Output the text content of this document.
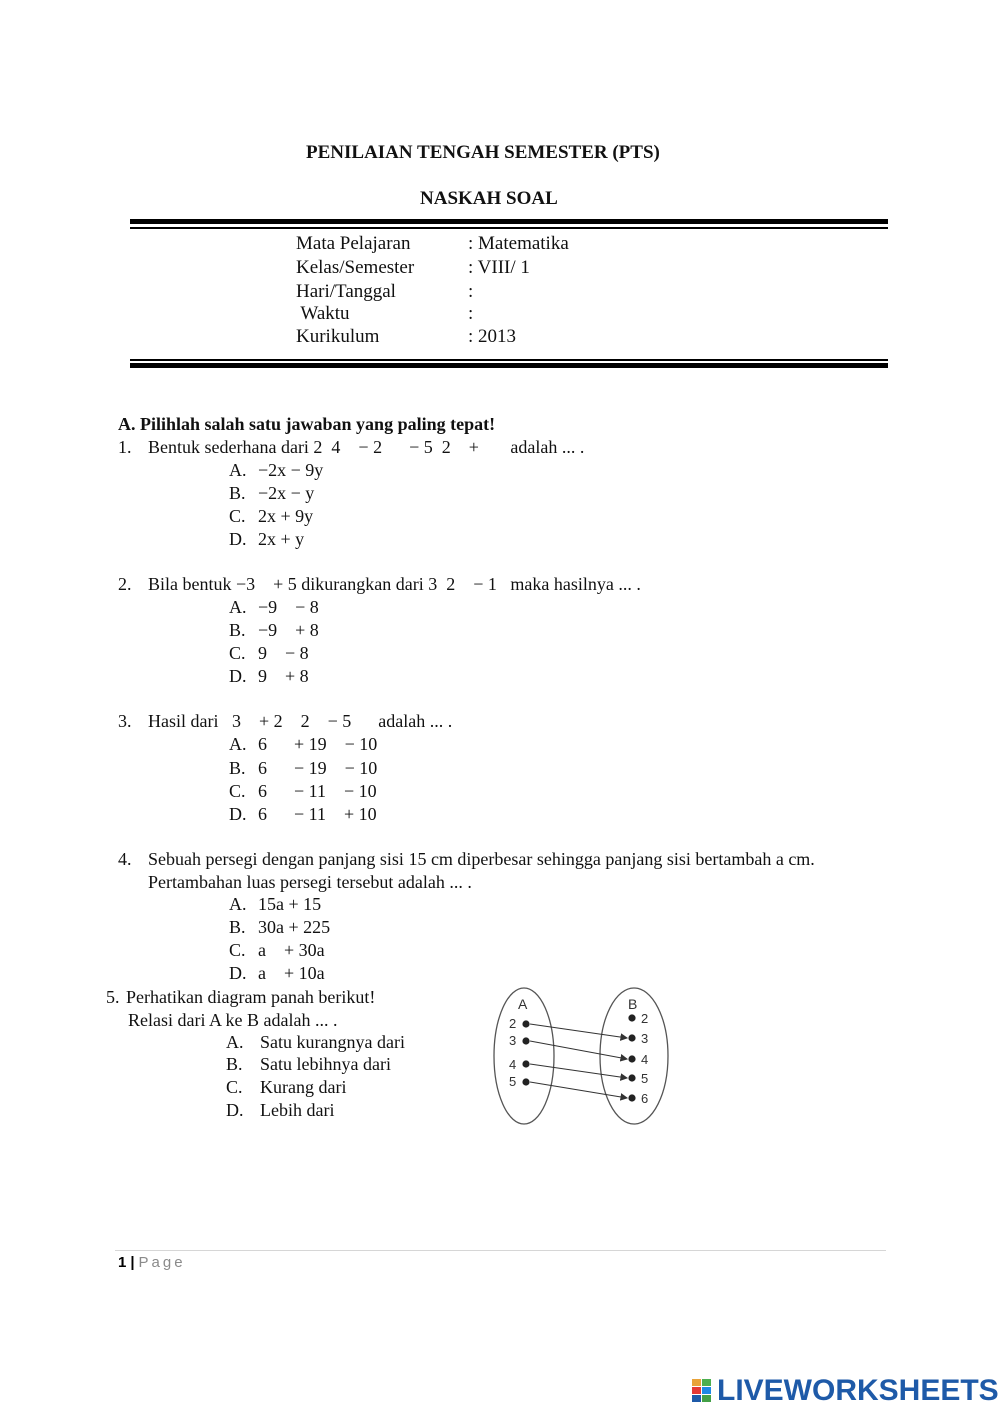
PENILAIAN TENGAH SEMESTER (PTS)
NASKAH SOAL
Mata Pelajaran	: Matematika
Kelas/Semester	: VIII/ 1
Hari/Tanggal	:
Waktu	:
Kurikulum	: 2013
A. Pilihlah salah satu jawaban yang paling tepat!
1. Bentuk sederhana dari 2  4    − 2      − 5  2    +       adalah ... .
A. −2x − 9y
B. −2x − y
C. 2x + 9y
D. 2x + y
2. Bila bentuk −3    + 5 dikurangkan dari 3  2    − 1   maka hasilnya ... .
A. −9    − 8
B. −9    + 8
C. 9    − 8
D. 9    + 8
3. Hasil dari   3    + 2    2    − 5      adalah ... .
A. 6      + 19    − 10
B. 6      − 19    − 10
C. 6      − 11    − 10
D. 6      − 11    + 10
4. Sebuah persegi dengan panjang sisi 15 cm diperbesar sehingga panjang sisi bertambah a cm.
Pertambahan luas persegi tersebut adalah ... .
A. 15a + 15
B. 30a + 225
C. a    + 30a
D. a    + 10a
5. Perhatikan diagram panah berikut!
Relasi dari A ke B adalah ... .
A. Satu kurangnya dari
B. Satu lebihnya dari
C. Kurang dari
D. Lebih dari
A	B
2
3
4
5
2
3
4
5
6
1 | Page
LIVEWORKSHEETS
